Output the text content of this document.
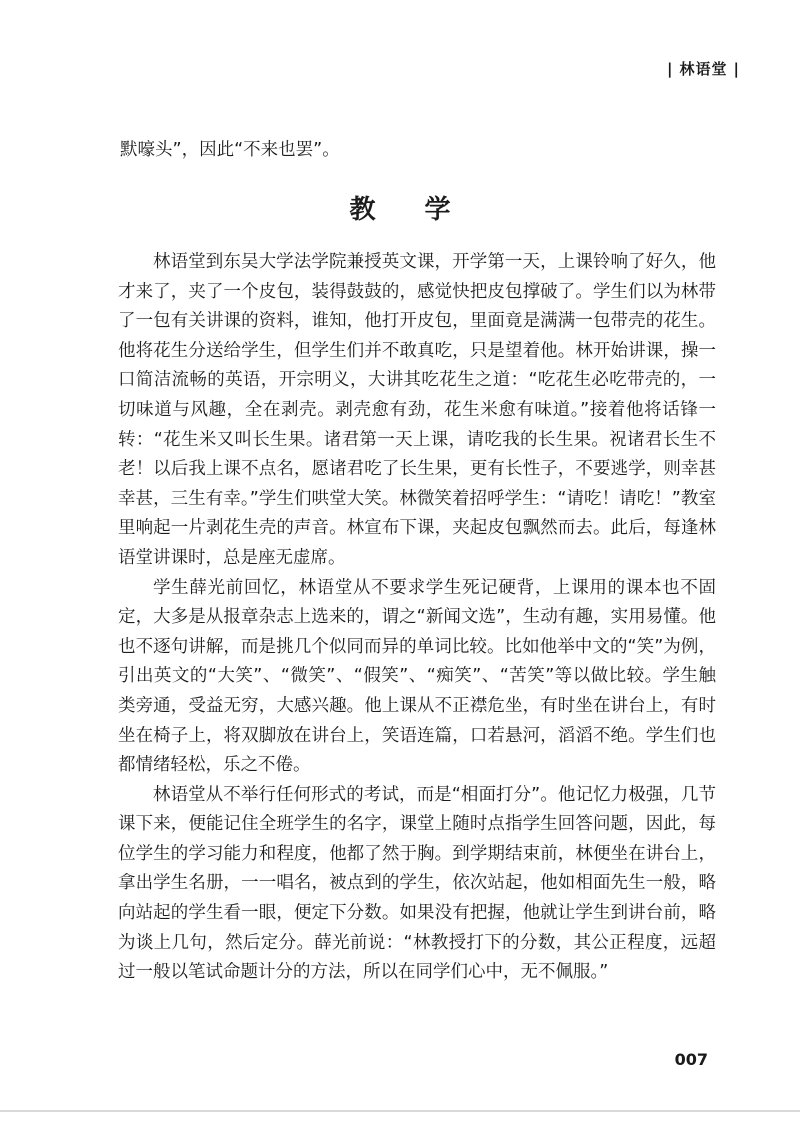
| 林语堂 |
默嚎头”，因此“不来也罢”。
教 学

林语堂到东吴大学法学院兼授英文课，开学第一天，上课铃响了好久，他才来了，夹了一个皮包，装得鼓鼓的，感觉快把皮包撑破了。学生们以为林带了一包有关讲课的资料，谁知，他打开皮包，里面竟是满满一包带壳的花生。他将花生分送给学生，但学生们并不敢真吃，只是望着他。林开始讲课，操一口简洁流畅的英语，开宗明义，大讲其吃花生之道：“吃花生必吃带壳的，一切味道与风趣，全在剥壳。剥壳愈有劲，花生米愈有味道。”接着他将话锋一转：“花生米又叫长生果。诸君第一天上课，请吃我的长生果。祝诸君长生不老！以后我上课不点名，愿诸君吃了长生果，更有长性子，不要逃学，则幸甚幸甚，三生有幸。”学生们哄堂大笑。林微笑着招呼学生：“请吃！请吃！”教室里响起一片剥花生壳的声音。林宣布下课，夹起皮包飘然而去。此后，每逢林语堂讲课时，总是座无虚席。

学生薛光前回忆，林语堂从不要求学生死记硬背，上课用的课本也不固定，大多是从报章杂志上选来的，谓之“新闻文选”，生动有趣，实用易懂。他也不逐句讲解，而是挑几个似同而异的单词比较。比如他举中文的“笑”为例，引出英文的“大笑”、“微笑”、“假笑”、“痴笑”、“苦笑”等以做比较。学生触类旁通，受益无穷，大感兴趣。他上课从不正襟危坐，有时坐在讲台上，有时坐在椅子上，将双脚放在讲台上，笑语连篇，口若悬河，滔滔不绝。学生们也都情绪轻松，乐之不倦。

林语堂从不举行任何形式的考试，而是“相面打分”。他记忆力极强，几节课下来，便能记住全班学生的名字，课堂上随时点指学生回答问题，因此，每位学生的学习能力和程度，他都了然于胸。到学期结束前，林便坐在讲台上，拿出学生名册，一一唱名，被点到的学生，依次站起，他如相面先生一般，略向站起的学生看一眼，便定下分数。如果没有把握，他就让学生到讲台前，略为谈上几句，然后定分。薛光前说：“林教授打下的分数，其公正程度，远超过一般以笔试命题计分的方法，所以在同学们心中，无不佩服。”

007
